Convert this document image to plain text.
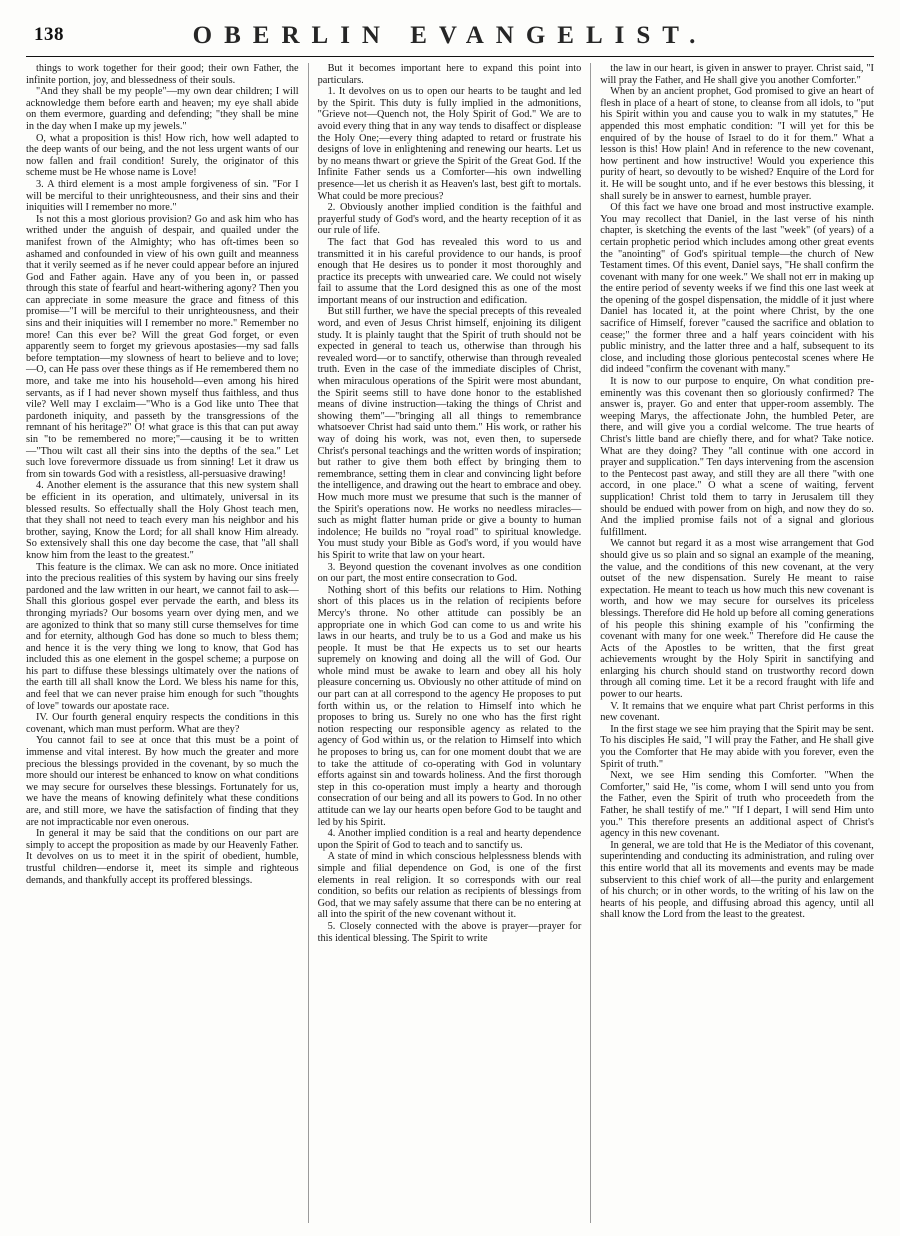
138	OBERLIN EVANGELIST.

things to work together for their good; their own Father, the infinite portion, joy, and blessedness of their souls.

"And they shall be my people"—my own dear children; I will acknowledge them before earth and heaven; my eye shall abide on them evermore, guarding and defending; "they shall be mine in the day when I make up my jewels."

O, what a proposition is this! How rich, how well adapted to the deep wants of our being, and the not less urgent wants of our now fallen and frail condition! Surely, the originator of this scheme must be He whose name is Love!

3. A third element is a most ample forgiveness of sin. "For I will be merciful to their unrighteousness, and their sins and their iniquities will I remember no more."

Is not this a most glorious provision? Go and ask him who has writhed under the anguish of despair, and quailed under the manifest frown of the Almighty; who has oft-times been so ashamed and confounded in view of his own guilt and meanness that it verily seemed as if he never could appear before an injured God and Father again. Have any of you been in, or passed through this state of fearful and heart-withering agony? Then you can appreciate in some measure the grace and fitness of this promise—"I will be merciful to their unrighteousness, and their sins and their iniquities will I remember no more." Remember no more! Can this ever be? Will the great God forget, or even apparently seem to forget my grievous apostasies—my sad falls before temptation—my slowness of heart to believe and to love;—O, can He pass over these things as if He remembered them no more, and take me into his household—even among his hired servants, as if I had never shown myself thus faithless, and thus vile? Well may I exclaim—"Who is a God like unto Thee that pardoneth iniquity, and passeth by the transgressions of the remnant of his heritage?" O! what grace is this that can put away sin "to be remembered no more;"—causing it be to written—"Thou wilt cast all their sins into the depths of the sea." Let such love forevermore dissuade us from sinning! Let it draw us from sin towards God with a resistless, all-persuasive drawing!

4. Another element is the assurance that this new system shall be efficient in its operation, and ultimately, universal in its blessed results. So effectually shall the Holy Ghost teach men, that they shall not need to teach every man his neighbor and his brother, saying, Know the Lord; for all shall know Him already. So extensively shall this one day become the case, that "all shall know him from the least to the greatest."

This feature is the climax. We can ask no more. Once initiated into the precious realities of this system by having our sins freely pardoned and the law written in our heart, we cannot fail to ask—Shall this glorious gospel ever pervade the earth, and bless its thronging myriads? Our bosoms yearn over dying men, and we are agonized to think that so many still curse themselves for time and for eternity, although God has done so much to bless them; and hence it is the very thing we long to know, that God has included this as one element in the gospel scheme; a purpose on his part to diffuse these blessings ultimately over the nations of the earth till all shall know the Lord. We bless his name for this, and feel that we can never praise him enough for such "thoughts of love" towards our apostate race.

IV. Our fourth general enquiry respects the conditions in this covenant, which man must perform. What are they?

You cannot fail to see at once that this must be a point of immense and vital interest. By how much the greater and more precious the blessings provided in the covenant, by so much the more should our interest be enhanced to know on what conditions we may secure for ourselves these blessings. Fortunately for us, we have the means of knowing definitely what these conditions are, and still more, we have the satisfaction of finding that they are not impracticable nor even onerous.

In general it may be said that the conditions on our part are simply to accept the proposition as made by our Heavenly Father. It devolves on us to meet it in the spirit of obedient, humble, trustful children—endorse it, meet its simple and righteous demands, and thankfully accept its proffered blessings.

But it becomes important here to expand this point into particulars.

1. It devolves on us to open our hearts to be taught and led by the Spirit. This duty is fully implied in the admonitions, "Grieve not—Quench not, the Holy Spirit of God." We are to avoid every thing that in any way tends to disaffect or displease the Holy One;—every thing adapted to retard or frustrate his designs of love in enlightening and renewing our hearts. Let us by no means thwart or grieve the Spirit of the Great God. If the Infinite Father sends us a Comforter—his own indwelling presence—let us cherish it as Heaven's last, best gift to mortals. What could be more precious?

2. Obviously another implied condition is the faithful and prayerful study of God's word, and the hearty reception of it as our rule of life.

The fact that God has revealed this word to us and transmitted it in his careful providence to our hands, is proof enough that He desires us to ponder it most thoroughly and practice its precepts with unwearied care. We could not wisely fail to assume that the Lord designed this as one of the most important means of our instruction and edification.

But still further, we have the special precepts of this revealed word, and even of Jesus Christ himself, enjoining its diligent study. It is plainly taught that the Spirit of truth should not be expected in general to teach us, otherwise than through his revealed word—or to sanctify, otherwise than through revealed truth. Even in the case of the immediate disciples of Christ, when miraculous operations of the Spirit were most abundant, the Spirit seems still to have done honor to the established means of divine instruction—taking the things of Christ and showing them"—"bringing all all things to remembrance whatsoever Christ had said unto them." His work, or rather his way of doing his work, was not, even then, to supersede Christ's personal teachings and the written words of inspiration; but rather to give them both effect by bringing them to remembrance, setting them in clear and convincing light before the intelligence, and drawing out the heart to embrace and obey. How much more must we presume that such is the manner of the Spirit's operations now. He works no needless miracles—such as might flatter human pride or give a bounty to human indolence; He builds no "royal road" to spiritual knowledge. You must study your Bible as God's word, if you would have his Spirit to write that law on your heart.

3. Beyond question the covenant involves as one condition on our part, the most entire consecration to God.

Nothing short of this befits our relations to Him. Nothing short of this places us in the relation of recipients before Mercy's throne. No other attitude can possibly be an appropriate one in which God can come to us and write his laws in our hearts, and truly be to us a God and make us his people. It must be that He expects us to set our hearts supremely on knowing and doing all the will of God. Our whole mind must be awake to learn and obey all his holy pleasure concerning us. Obviously no other attitude of mind on our part can at all correspond to the agency He proposes to put forth within us, or the relation to Himself into which he proposes to bring us. Surely no one who has the first right notion respecting our responsible agency as related to the agency of God within us, or the relation to Himself into which he proposes to bring us, can for one moment doubt that we are to take the attitude of co-operating with God in voluntary efforts against sin and towards holiness. And the first thorough step in this co-operation must imply a hearty and thorough consecration of our being and all its powers to God. In no other attitude can we lay our hearts open before God to be taught and led by his Spirit.

4. Another implied condition is a real and hearty dependence upon the Spirit of God to teach and to sanctify us.

A state of mind in which conscious helplessness blends with simple and filial dependence on God, is one of the first elements in real religion. It so corresponds with our real condition, so befits our relation as recipients of blessings from God, that we may safely assume that there can be no entering at all into the spirit of the new covenant without it.

5. Closely connected with the above is prayer—prayer for this identical blessing. The Spirit to write

the law in our heart, is given in answer to prayer. Christ said, "I will pray the Father, and He shall give you another Comforter."

When by an ancient prophet, God promised to give an heart of flesh in place of a heart of stone, to cleanse from all idols, to "put his Spirit within you and cause you to walk in my statutes," He appended this most emphatic condition: "I will yet for this be enquired of by the house of Israel to do it for them." What a lesson is this! How plain! And in reference to the new covenant, how pertinent and how instructive! Would you experience this purity of heart, so devoutly to be wished? Enquire of the Lord for it. He will be sought unto, and if he ever bestows this blessing, it shall surely be in answer to earnest, humble prayer.

Of this fact we have one broad and most instructive example. You may recollect that Daniel, in the last verse of his ninth chapter, is sketching the events of the last "week" (of years) of a certain prophetic period which includes among other great events the "anointing" of God's spiritual temple—the church of New Testament times. Of this event, Daniel says, "He shall confirm the covenant with many for one week." We shall not err in making up the entire period of seventy weeks if we find this one last week at the opening of the gospel dispensation, the middle of it just where Daniel has located it, at the point where Christ, by the one sacrifice of Himself, forever "caused the sacrifice and oblation to cease;" the former three and a half years coincident with his public ministry, and the latter three and a half, subsequent to its close, and including those glorious pentecostal scenes where He did indeed "confirm the covenant with many."

It is now to our purpose to enquire, On what condition pre-eminently was this covenant then so gloriously confirmed? The answer is, prayer. Go and enter that upper-room assembly. The weeping Marys, the affectionate John, the humbled Peter, are there, and will give you a cordial welcome. The true hearts of Christ's little band are chiefly there, and for what? Take notice. What are they doing? They "all continue with one accord in prayer and supplication." Ten days intervening from the ascension to the Pentecost past away, and still they are all there "with one accord, in one place." O what a scene of waiting, fervent supplication! Christ told them to tarry in Jerusalem till they should be endued with power from on high, and now they do so. And the implied promise fails not of a signal and glorious fulfillment.

We cannot but regard it as a most wise arrangement that God should give us so plain and so signal an example of the meaning, the value, and the conditions of this new covenant, at the very outset of the new dispensation. Surely He meant to raise expectation. He meant to teach us how much this new covenant is worth, and how we may secure for ourselves its priceless blessings. Therefore did He hold up before all coming generations of his people this shining example of his "confirming the covenant with many for one week." Therefore did He cause the Acts of the Apostles to be written, that the first great achievements wrought by the Holy Spirit in sanctifying and enlarging his church should stand on trustworthy record down through all coming time. Let it be a record fraught with life and power to our hearts.

V. It remains that we enquire what part Christ performs in this new covenant.

In the first stage we see him praying that the Spirit may be sent. To his disciples He said, "I will pray the Father, and He shall give you the Comforter that He may abide with you forever, even the Spirit of truth."

Next, we see Him sending this Comforter. "When the Comforter," said He, "is come, whom I will send unto you from the Father, even the Spirit of truth who proceedeth from the Father, he shall testify of me." "If I depart, I will send Him unto you." This therefore presents an additional aspect of Christ's agency in this new covenant.

In general, we are told that He is the Mediator of this covenant, superintending and conducting its administration, and ruling over this entire world that all its movements and events may be made subservient to this chief work of all—the purity and enlargement of his church; or in other words, to the writing of his law on the hearts of his people, and diffusing abroad this agency, until all shall know the Lord from the least to the greatest.
